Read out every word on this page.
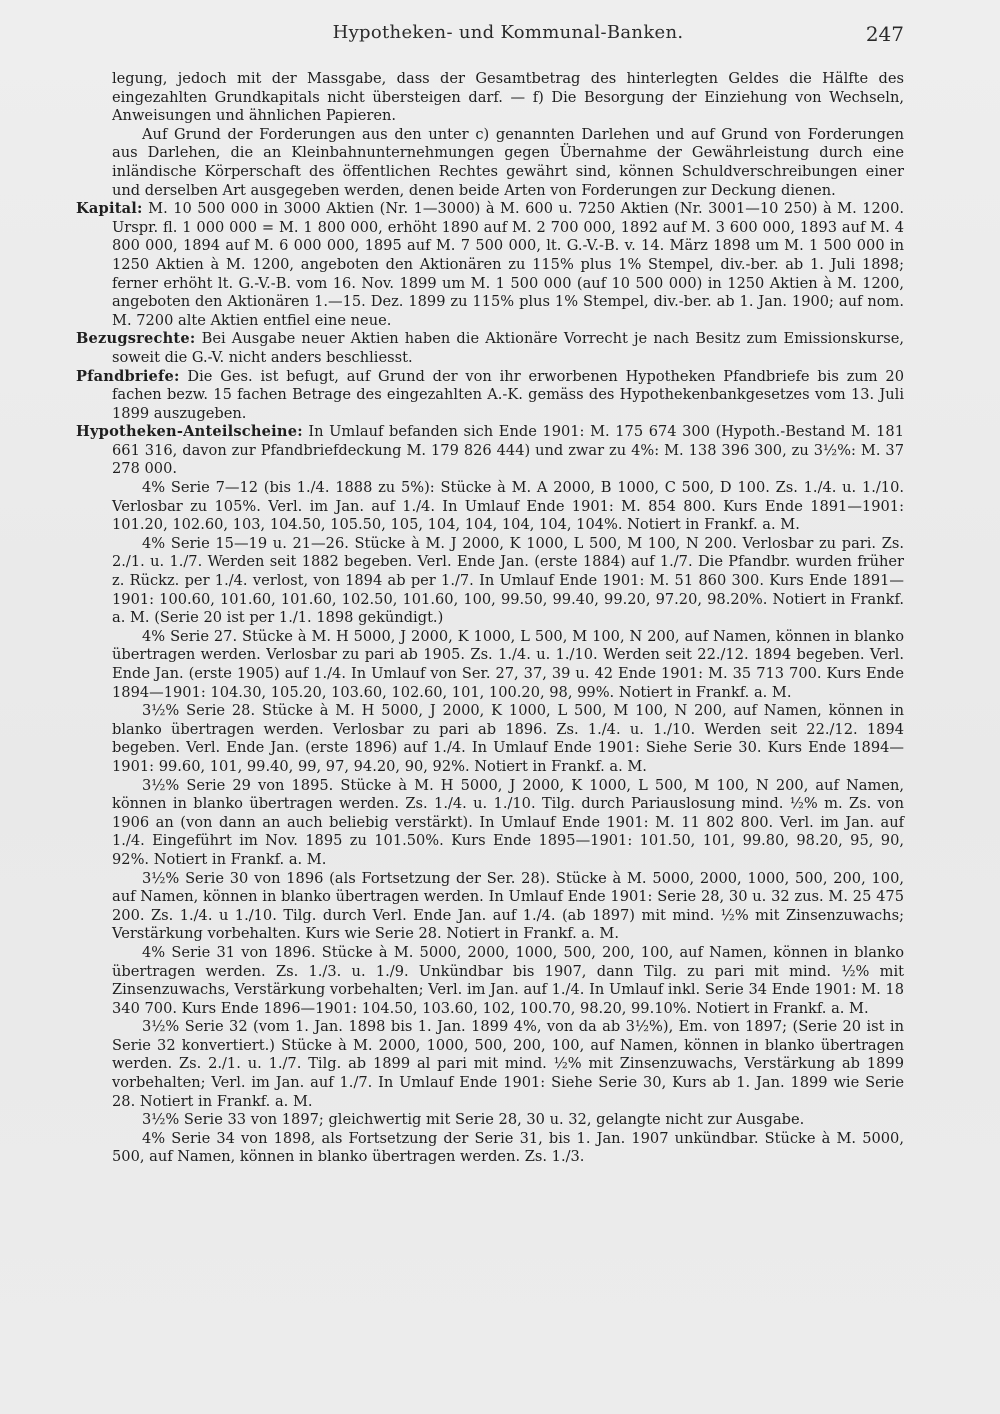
Hypotheken- und Kommunal-Banken.	247

legung, jedoch mit der Massgabe, dass der Gesamtbetrag des hinterlegten Geldes die Hälfte des eingezahlten Grundkapitals nicht übersteigen darf. — f) Die Besorgung der Einziehung von Wechseln, Anweisungen und ähnlichen Papieren.

Auf Grund der Forderungen aus den unter c) genannten Darlehen und auf Grund von Forderungen aus Darlehen, die an Kleinbahnunternehmungen gegen Übernahme der Gewährleistung durch eine inländische Körperschaft des öffentlichen Rechtes gewährt sind, können Schuldverschreibungen einer und derselben Art ausgegeben werden, denen beide Arten von Forderungen zur Deckung dienen.

Kapital: M. 10 500 000 in 3000 Aktien (Nr. 1—3000) à M. 600 u. 7250 Aktien (Nr. 3001—10 250) à M. 1200. Urspr. fl. 1 000 000 = M. 1 800 000, erhöht 1890 auf M. 2 700 000, 1892 auf M. 3 600 000, 1893 auf M. 4 800 000, 1894 auf M. 6 000 000, 1895 auf M. 7 500 000, lt. G.-V.-B. v. 14. März 1898 um M. 1 500 000 in 1250 Aktien à M. 1200, angeboten den Aktionären zu 115% plus 1% Stempel, div.-ber. ab 1. Juli 1898; ferner erhöht lt. G.-V.-B. vom 16. Nov. 1899 um M. 1 500 000 (auf 10 500 000) in 1250 Aktien à M. 1200, angeboten den Aktionären 1.—15. Dez. 1899 zu 115% plus 1% Stempel, div.-ber. ab 1. Jan. 1900; auf nom. M. 7200 alte Aktien entfiel eine neue.

Bezugsrechte: Bei Ausgabe neuer Aktien haben die Aktionäre Vorrecht je nach Besitz zum Emissionskurse, soweit die G.-V. nicht anders beschliesst.

Pfandbriefe: Die Ges. ist befugt, auf Grund der von ihr erworbenen Hypotheken Pfandbriefe bis zum 20 fachen bezw. 15 fachen Betrage des eingezahlten A.-K. gemäss des Hypothekenbankgesetzes vom 13. Juli 1899 auszugeben.

Hypotheken-Anteilscheine: In Umlauf befanden sich Ende 1901: M. 175 674 300 (Hypoth.-Bestand M. 181 661 316, davon zur Pfandbriefdeckung M. 179 826 444) und zwar zu 4%: M. 138 396 300, zu 3½%: M. 37 278 000.

4% Serie 7—12 (bis 1./4. 1888 zu 5%): Stücke à M. A 2000, B 1000, C 500, D 100. Zs. 1./4. u. 1./10. Verlosbar zu 105%. Verl. im Jan. auf 1./4. In Umlauf Ende 1901: M. 854 800. Kurs Ende 1891—1901: 101.20, 102.60, 103, 104.50, 105.50, 105, 104, 104, 104, 104, 104%. Notiert in Frankf. a. M.

4% Serie 15—19 u. 21—26. Stücke à M. J 2000, K 1000, L 500, M 100, N 200. Verlosbar zu pari. Zs. 2./1. u. 1./7. Werden seit 1882 begeben. Verl. Ende Jan. (erste 1884) auf 1./7. Die Pfandbr. wurden früher z. Rückz. per 1./4. verlost, von 1894 ab per 1./7. In Umlauf Ende 1901: M. 51 860 300. Kurs Ende 1891—1901: 100.60, 101.60, 101.60, 102.50, 101.60, 100, 99.50, 99.40, 99.20, 97.20, 98.20%. Notiert in Frankf. a. M. (Serie 20 ist per 1./1. 1898 gekündigt.)

4% Serie 27. Stücke à M. H 5000, J 2000, K 1000, L 500, M 100, N 200, auf Namen, können in blanko übertragen werden. Verlosbar zu pari ab 1905. Zs. 1./4. u. 1./10. Werden seit 22./12. 1894 begeben. Verl. Ende Jan. (erste 1905) auf 1./4. In Umlauf von Ser. 27, 37, 39 u. 42 Ende 1901: M. 35 713 700. Kurs Ende 1894—1901: 104.30, 105.20, 103.60, 102.60, 101, 100.20, 98, 99%. Notiert in Frankf. a. M.

3½% Serie 28. Stücke à M. H 5000, J 2000, K 1000, L 500, M 100, N 200, auf Namen, können in blanko übertragen werden. Verlosbar zu pari ab 1896. Zs. 1./4. u. 1./10. Werden seit 22./12. 1894 begeben. Verl. Ende Jan. (erste 1896) auf 1./4. In Umlauf Ende 1901: Siehe Serie 30. Kurs Ende 1894—1901: 99.60, 101, 99.40, 99, 97, 94.20, 90, 92%. Notiert in Frankf. a. M.

3½% Serie 29 von 1895. Stücke à M. H 5000, J 2000, K 1000, L 500, M 100, N 200, auf Namen, können in blanko übertragen werden. Zs. 1./4. u. 1./10. Tilg. durch Pariauslosung mind. ½% m. Zs. von 1906 an (von dann an auch beliebig verstärkt). In Umlauf Ende 1901: M. 11 802 800. Verl. im Jan. auf 1./4. Eingeführt im Nov. 1895 zu 101.50%. Kurs Ende 1895—1901: 101.50, 101, 99.80, 98.20, 95, 90, 92%. Notiert in Frankf. a. M.

3½% Serie 30 von 1896 (als Fortsetzung der Ser. 28). Stücke à M. 5000, 2000, 1000, 500, 200, 100, auf Namen, können in blanko übertragen werden. In Umlauf Ende 1901: Serie 28, 30 u. 32 zus. M. 25 475 200. Zs. 1./4. u 1./10. Tilg. durch Verl. Ende Jan. auf 1./4. (ab 1897) mit mind. ½% mit Zinsenzuwachs; Verstärkung vorbehalten. Kurs wie Serie 28. Notiert in Frankf. a. M.

4% Serie 31 von 1896. Stücke à M. 5000, 2000, 1000, 500, 200, 100, auf Namen, können in blanko übertragen werden. Zs. 1./3. u. 1./9. Unkündbar bis 1907, dann Tilg. zu pari mit mind. ½% mit Zinsenzuwachs, Verstärkung vorbehalten; Verl. im Jan. auf 1./4. In Umlauf inkl. Serie 34 Ende 1901: M. 18 340 700. Kurs Ende 1896—1901: 104.50, 103.60, 102, 100.70, 98.20, 99.10%. Notiert in Frankf. a. M.

3½% Serie 32 (vom 1. Jan. 1898 bis 1. Jan. 1899 4%, von da ab 3½%), Em. von 1897; (Serie 20 ist in Serie 32 konvertiert.) Stücke à M. 2000, 1000, 500, 200, 100, auf Namen, können in blanko übertragen werden. Zs. 2./1. u. 1./7. Tilg. ab 1899 al pari mit mind. ½% mit Zinsenzuwachs, Verstärkung ab 1899 vorbehalten; Verl. im Jan. auf 1./7. In Umlauf Ende 1901: Siehe Serie 30, Kurs ab 1. Jan. 1899 wie Serie 28. Notiert in Frankf. a. M.

3½% Serie 33 von 1897; gleichwertig mit Serie 28, 30 u. 32, gelangte nicht zur Ausgabe.

4% Serie 34 von 1898, als Fortsetzung der Serie 31, bis 1. Jan. 1907 unkündbar. Stücke à M. 5000, 500, auf Namen, können in blanko übertragen werden. Zs. 1./3.
